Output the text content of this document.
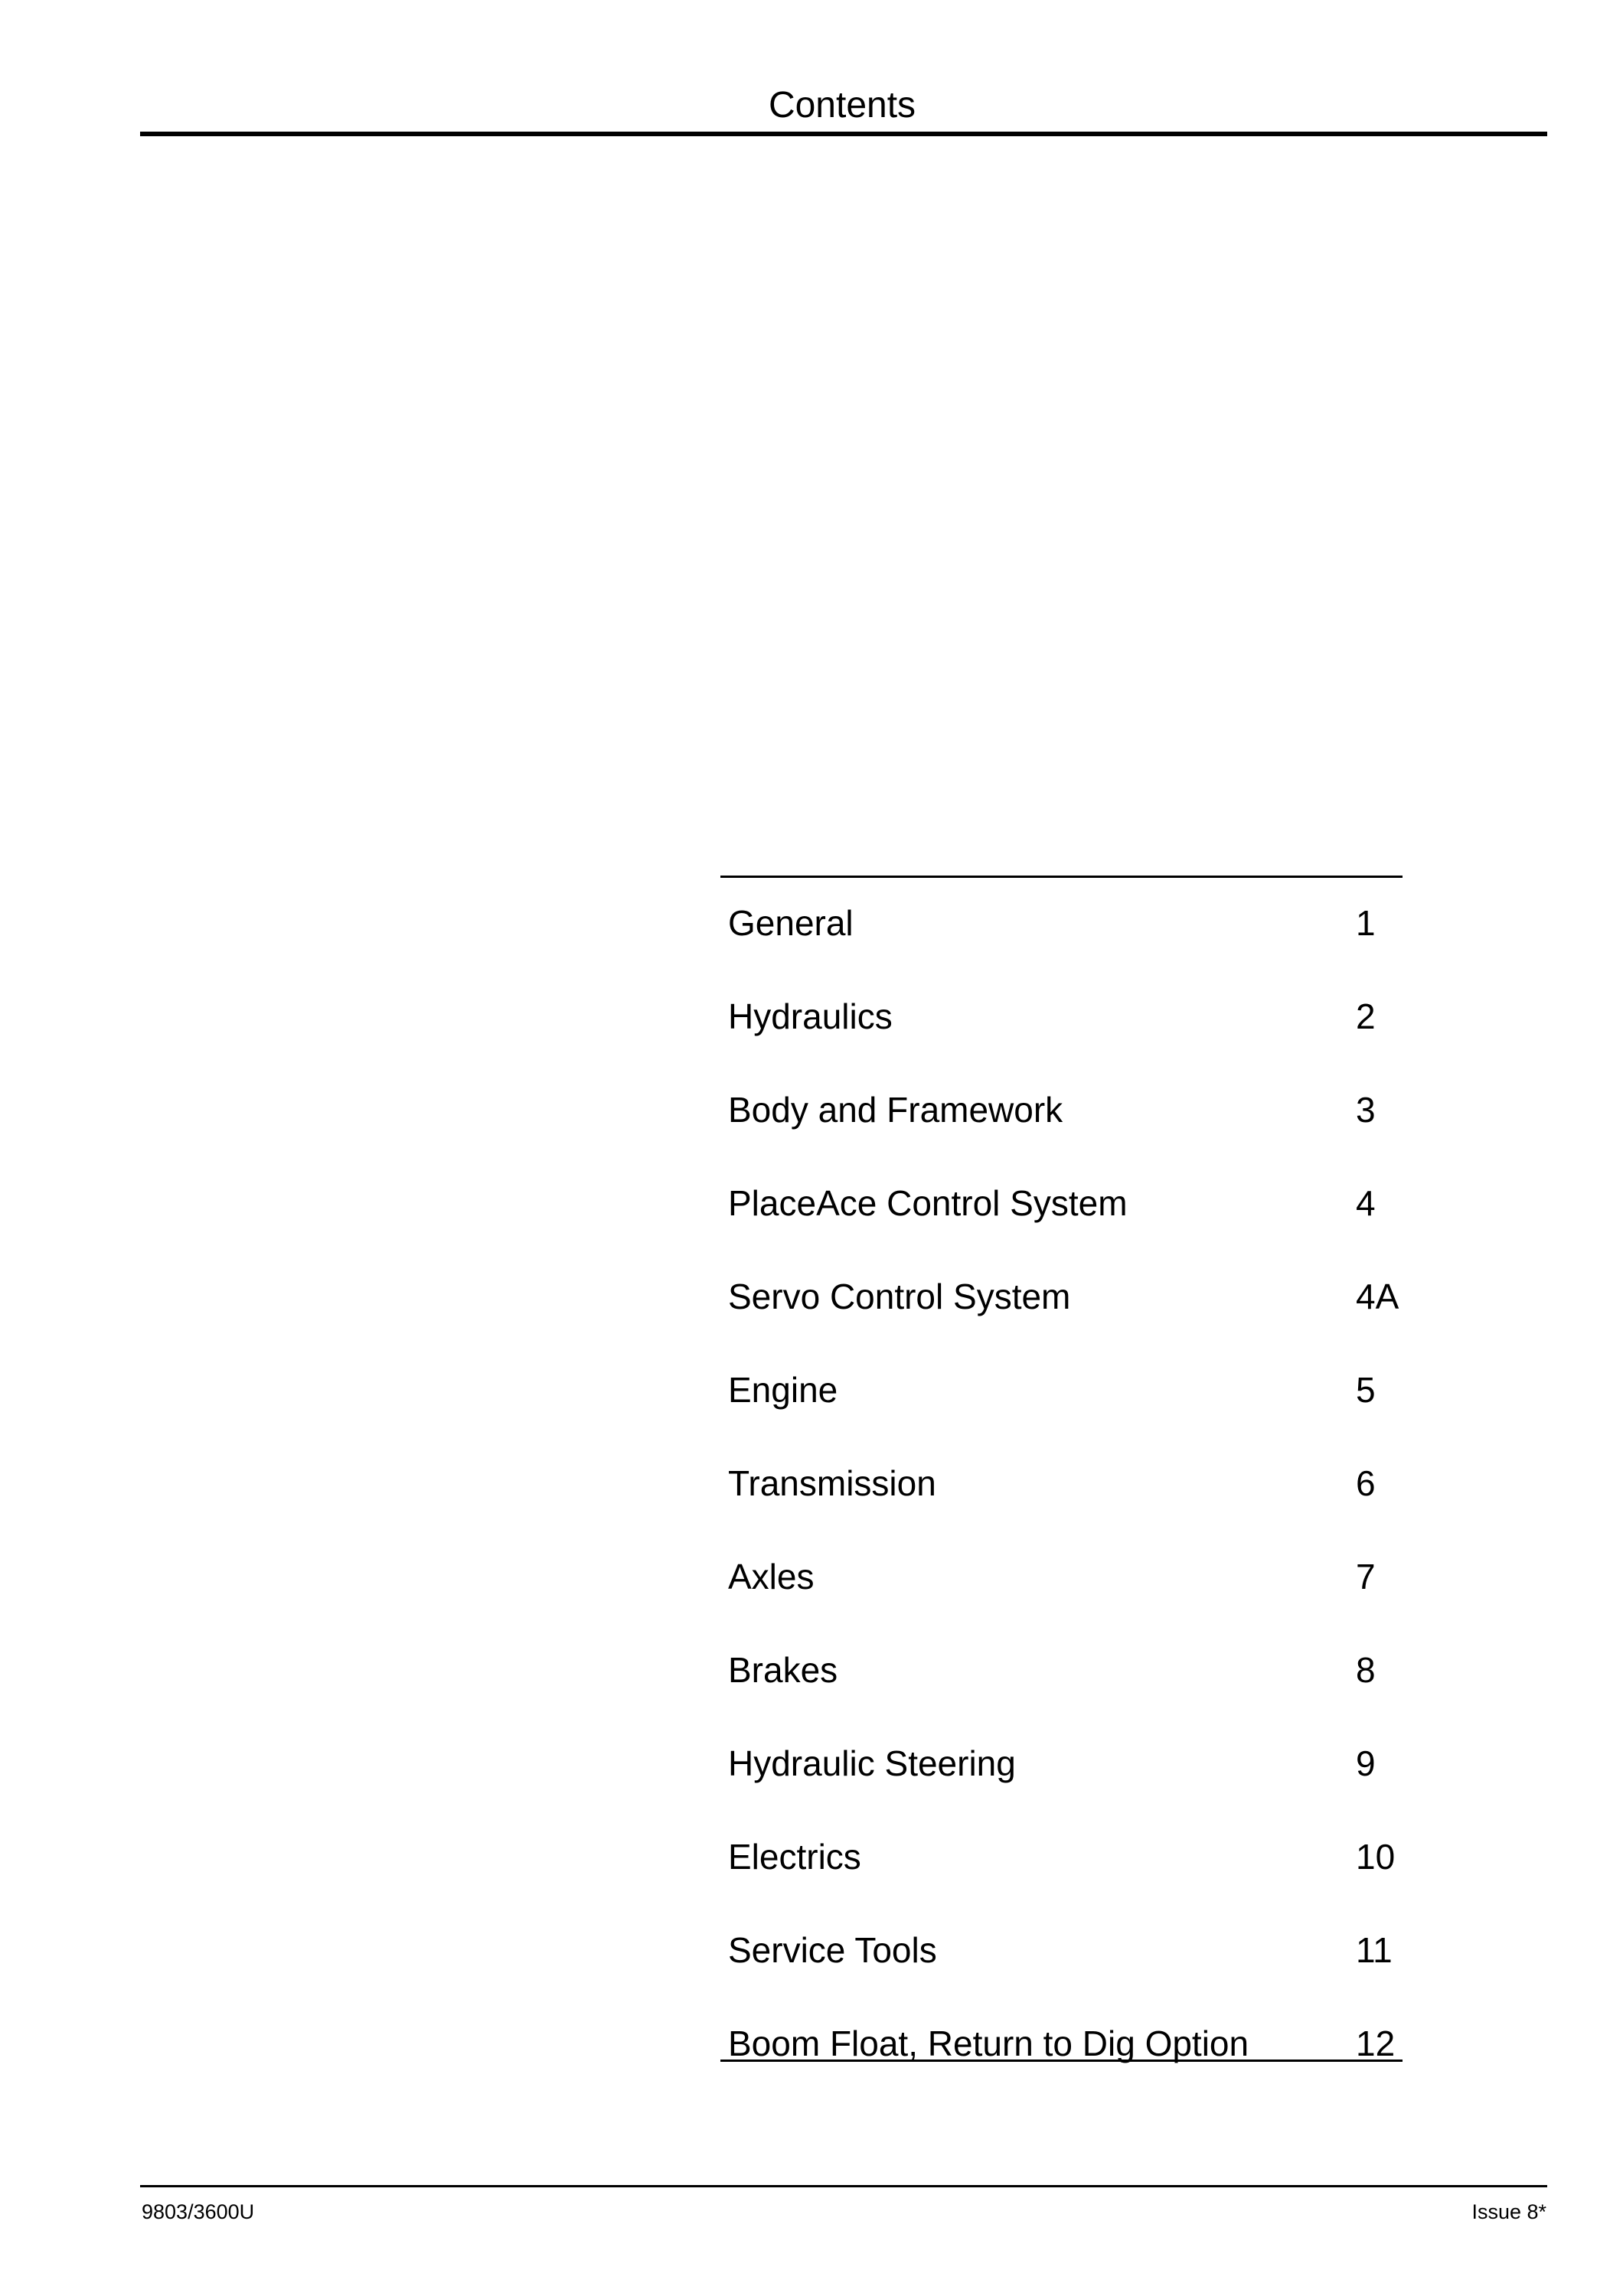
Contents
General	1
Hydraulics	2
Body and Framework	3
PlaceAce Control System	4
Servo Control System	4A
Engine	5
Transmission	6
Axles	7
Brakes	8
Hydraulic Steering	9
Electrics	10
Service Tools	11
Boom Float, Return to Dig Option	12
9803/3600U	Issue 8*
